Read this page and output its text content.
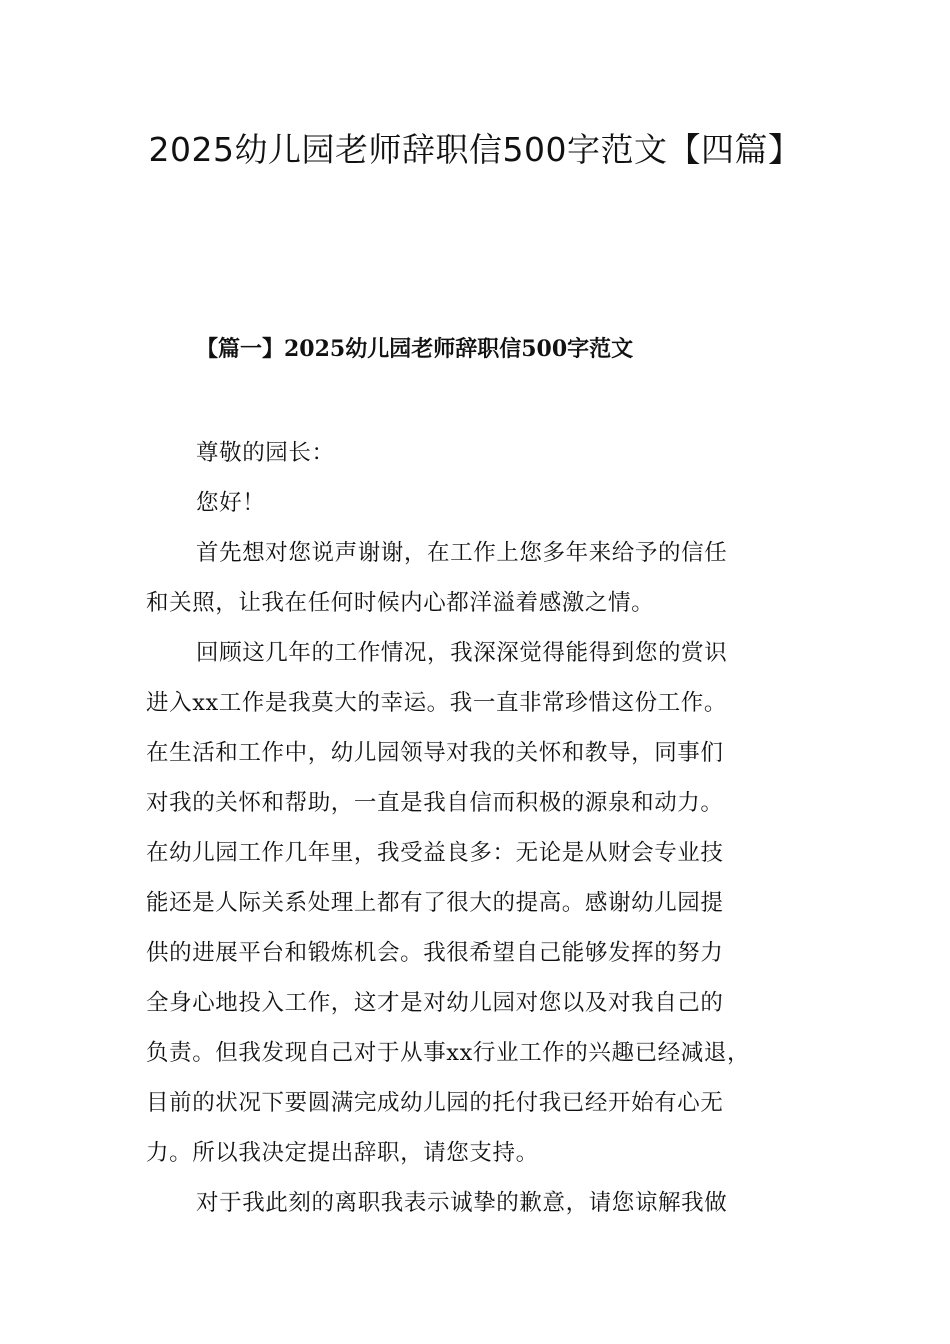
2025幼儿园老师辞职信500字范文【四篇】
【篇一】2025幼儿园老师辞职信500字范文

尊敬的园长：

您好！

首先想对您说声谢谢，在工作上您多年来给予的信任
和关照，让我在任何时候内心都洋溢着感激之情。

回顾这几年的工作情况，我深深觉得能得到您的赏识
进入xx工作是我莫大的幸运。我一直非常珍惜这份工作。
在生活和工作中，幼儿园领导对我的关怀和教导，同事们
对我的关怀和帮助，一直是我自信而积极的源泉和动力。
在幼儿园工作几年里，我受益良多：无论是从财会专业技
能还是人际关系处理上都有了很大的提高。感谢幼儿园提
供的进展平台和锻炼机会。我很希望自己能够发挥的努力
全身心地投入工作，这才是对幼儿园对您以及对我自己的
负责。但我发现自己对于从事xx行业工作的兴趣已经减退，
目前的状况下要圆满完成幼儿园的托付我已经开始有心无
力。所以我决定提出辞职，请您支持。

对于我此刻的离职我表示诚挚的歉意，请您谅解我做
